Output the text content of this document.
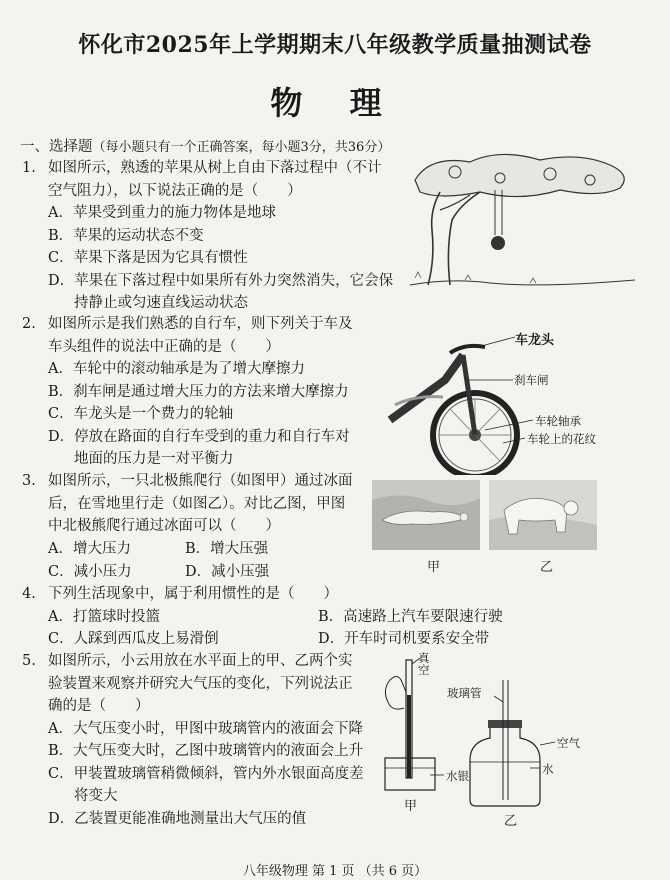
怀化市2025年上学期期末八年级教学质量抽测试卷
物 理
一、选择题（每小题只有一个正确答案，每小题3分，共36分）
1. 如图所示，熟透的苹果从树上自由下落过程中（不计
空气阻力），以下说法正确的是（　　）
A．苹果受到重力的施力物体是地球
B．苹果的运动状态不变
C．苹果下落是因为它具有惯性
D．苹果在下落过程中如果所有外力突然消失，它会保
持静止或匀速直线运动状态
2. 如图所示是我们熟悉的自行车，则下列关于车及
车头组件的说法中正确的是（　　）
A．车轮中的滚动轴承是为了增大摩擦力
B．刹车闸是通过增大压力的方法来增大摩擦力
C．车龙头是一个费力的轮轴
D．停放在路面的自行车受到的重力和自行车对
地面的压力是一对平衡力
车龙头
刹车闸
车轮轴承
车轮上的花纹
3. 如图所示，一只北极熊爬行（如图甲）通过冰面
后，在雪地里行走（如图乙）。对比乙图，甲图
中北极熊爬行通过冰面可以（　　）
A．增大压力	B．增大压强
C．减小压力	D．减小压强	甲	乙
4. 下列生活现象中，属于利用惯性的是（　　）
A．打篮球时投篮	B．高速路上汽车要限速行驶
C．人踩到西瓜皮上易滑倒	D．开车时司机要系安全带
5. 如图所示，小云用放在水平面上的甲、乙两个实
验装置来观察并研究大气压的变化，下列说法正
确的是（　　）
A．大气压变小时，甲图中玻璃管内的液面会下降
B．大气压变大时，乙图中玻璃管内的液面会上升
C．甲装置玻璃管稍微倾斜，管内外水银面高度差
将变大
D．乙装置更能准确地测量出大气压的值
真空
玻璃管
空气
水
水银
甲
乙
八年级物理 第 1 页 （共 6 页）
